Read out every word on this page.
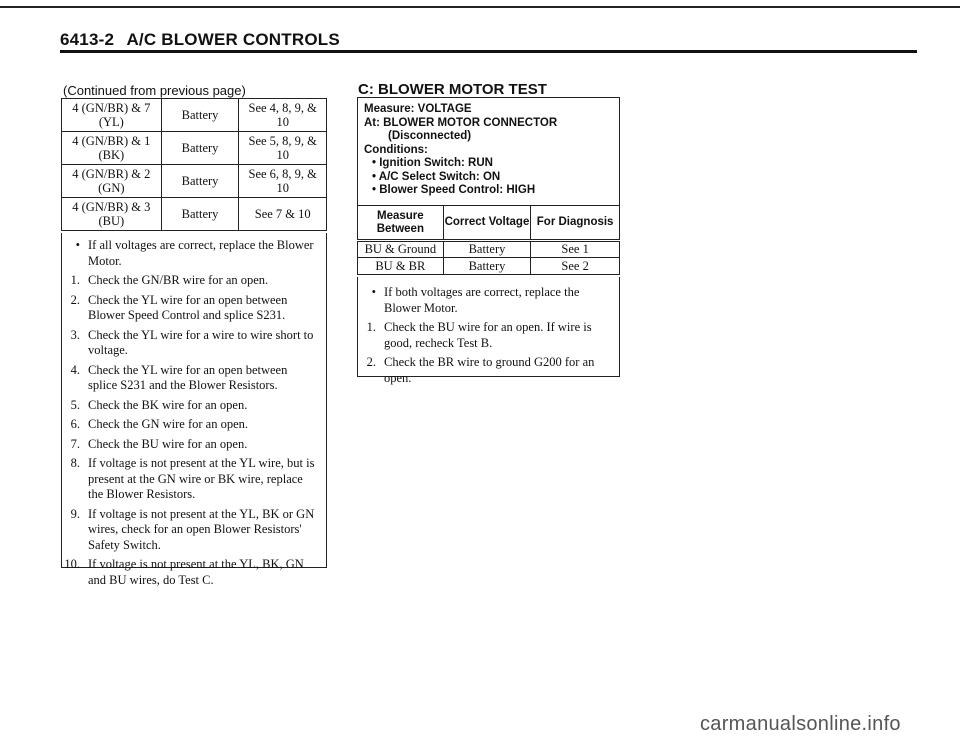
6413-2 A/C BLOWER CONTROLS
(Continued from previous page)
4 (GN/BR) & 7 (YL)	Battery	See 4, 8, 9, & 10
4 (GN/BR) & 1 (BK)	Battery	See 5, 8, 9, & 10
4 (GN/BR) & 2 (GN)	Battery	See 6, 8, 9, & 10
4 (GN/BR) & 3 (BU)	Battery	See 7 & 10
• If all voltages are correct, replace the Blower Motor.
1. Check the GN/BR wire for an open.
2. Check the YL wire for an open between Blower Speed Control and splice S231.
3. Check the YL wire for a wire to wire short to voltage.
4. Check the YL wire for an open between splice S231 and the Blower Resistors.
5. Check the BK wire for an open.
6. Check the GN wire for an open.
7. Check the BU wire for an open.
8. If voltage is not present at the YL wire, but is present at the GN wire or BK wire, replace the Blower Resistors.
9. If voltage is not present at the YL, BK or GN wires, check for an open Blower Resistors' Safety Switch.
10. If voltage is not present at the YL, BK, GN and BU wires, do Test C.
C: BLOWER MOTOR TEST
Measure: VOLTAGE
At: BLOWER MOTOR CONNECTOR
(Disconnected)
Conditions:
• Ignition Switch: RUN
• A/C Select Switch: ON
• Blower Speed Control: HIGH
Measure Between	Correct Voltage	For Diagnosis
BU & Ground	Battery	See 1
BU & BR	Battery	See 2
• If both voltages are correct, replace the Blower Motor.
1. Check the BU wire for an open. If wire is good, recheck Test B.
2. Check the BR wire to ground G200 for an open.
carmanualsonline.info
